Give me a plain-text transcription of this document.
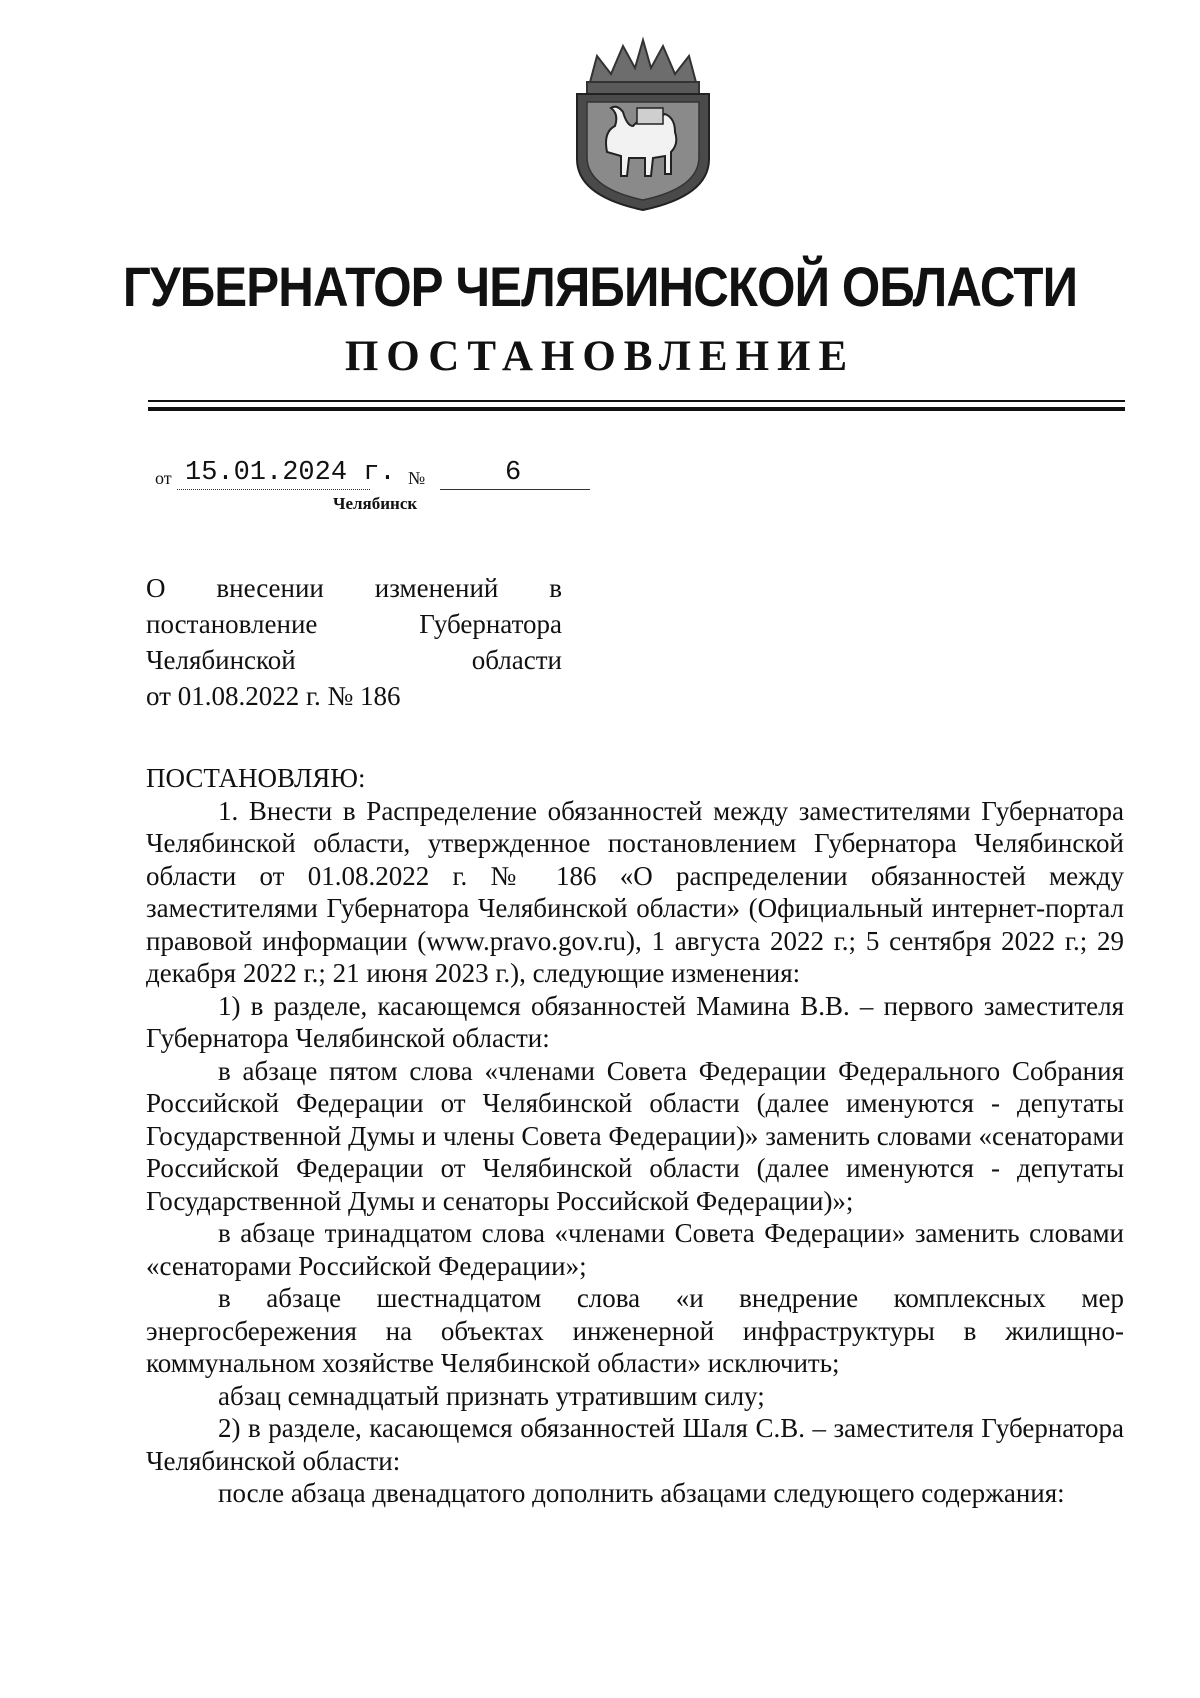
ГУБЕРНАТОР ЧЕЛЯБИНСКОЙ ОБЛАСТИ
ПОСТАНОВЛЕНИЕ
от 15.01.2024 г. №	6
Челябинск
О внесении изменений в
постановление Губернатора
Челябинской области
от 01.08.2022 г. № 186

ПОСТАНОВЛЯЮ:

1. Внести в Распределение обязанностей между заместителями Губернатора Челябинской области, утвержденное постановлением Губернатора Челябинской области от 01.08.2022 г. № 186 «О распределении обязанностей между заместителями Губернатора Челябинской области» (Официальный интернет-портал правовой информации (www.pravo.gov.ru), 1 августа 2022 г.; 5 сентября 2022 г.; 29 декабря 2022 г.; 21 июня 2023 г.), следующие изменения:

1) в разделе, касающемся обязанностей Мамина В.В. – первого заместителя Губернатора Челябинской области:

в абзаце пятом слова «членами Совета Федерации Федерального Собрания Российской Федерации от Челябинской области (далее именуются - депутаты Государственной Думы и члены Совета Федерации)» заменить словами «сенаторами Российской Федерации от Челябинской области (далее именуются - депутаты Государственной Думы и сенаторы Российской Федерации)»;

в абзаце тринадцатом слова «членами Совета Федерации» заменить словами «сенаторами Российской Федерации»;

в абзаце шестнадцатом слова «и внедрение комплексных мер энергосбережения на объектах инженерной инфраструктуры в жилищно-коммунальном хозяйстве Челябинской области» исключить;

абзац семнадцатый признать утратившим силу;

2) в разделе, касающемся обязанностей Шаля С.В. – заместителя Губернатора Челябинской области:

после абзаца двенадцатого дополнить абзацами следующего содержания:
